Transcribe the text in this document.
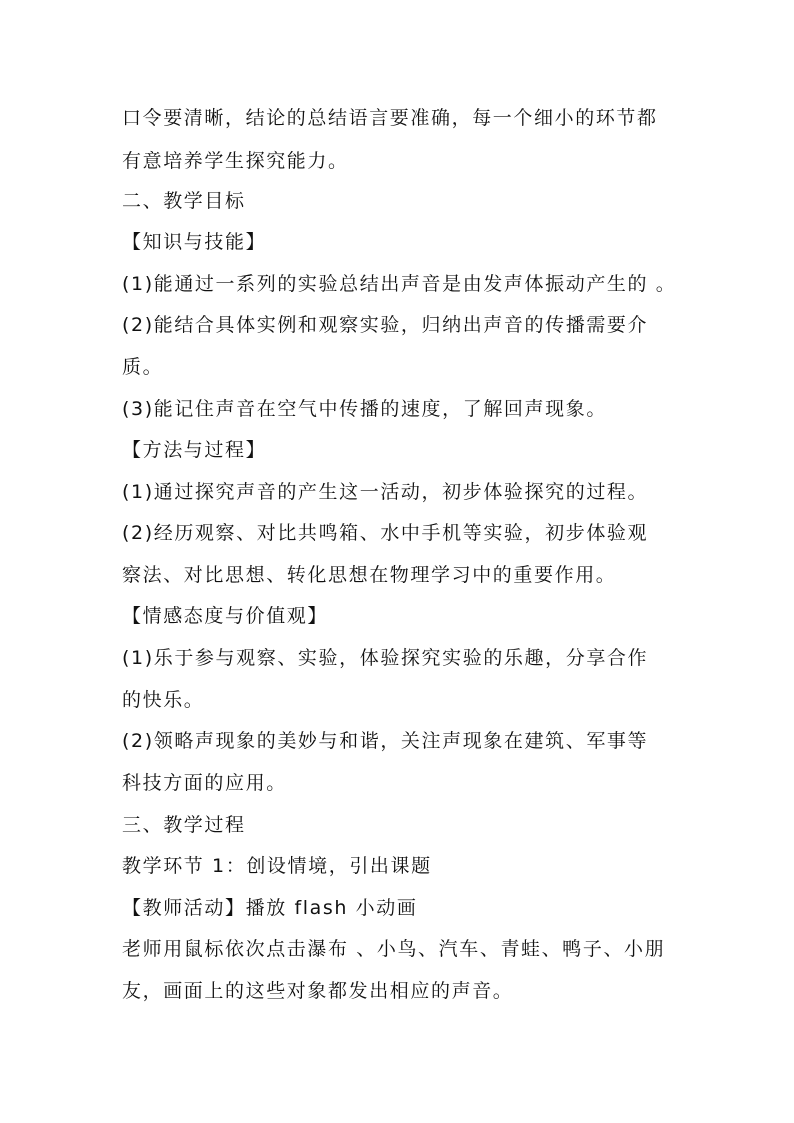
口令要清晰，结论的总结语言要准确，每一个细小的环节都
有意培养学生探究能力。
二、教学目标
【知识与技能】
(1)能通过一系列的实验总结出声音是由发声体振动产生的 。
(2)能结合具体实例和观察实验，归纳出声音的传播需要介
质。
(3)能记住声音在空气中传播的速度，了解回声现象。
【方法与过程】
(1)通过探究声音的产生这一活动，初步体验探究的过程。
(2)经历观察、对比共鸣箱、水中手机等实验，初步体验观
察法、对比思想、转化思想在物理学习中的重要作用。
【情感态度与价值观】
(1)乐于参与观察、实验，体验探究实验的乐趣，分享合作
的快乐。
(2)领略声现象的美妙与和谐，关注声现象在建筑、军事等
科技方面的应用。
三、教学过程
教学环节 1：创设情境，引出课题
【教师活动】播放 flash 小动画
老师用鼠标依次点击瀑布 、小鸟、汽车、青蛙、鸭子、小朋
友，画面上的这些对象都发出相应的声音。
